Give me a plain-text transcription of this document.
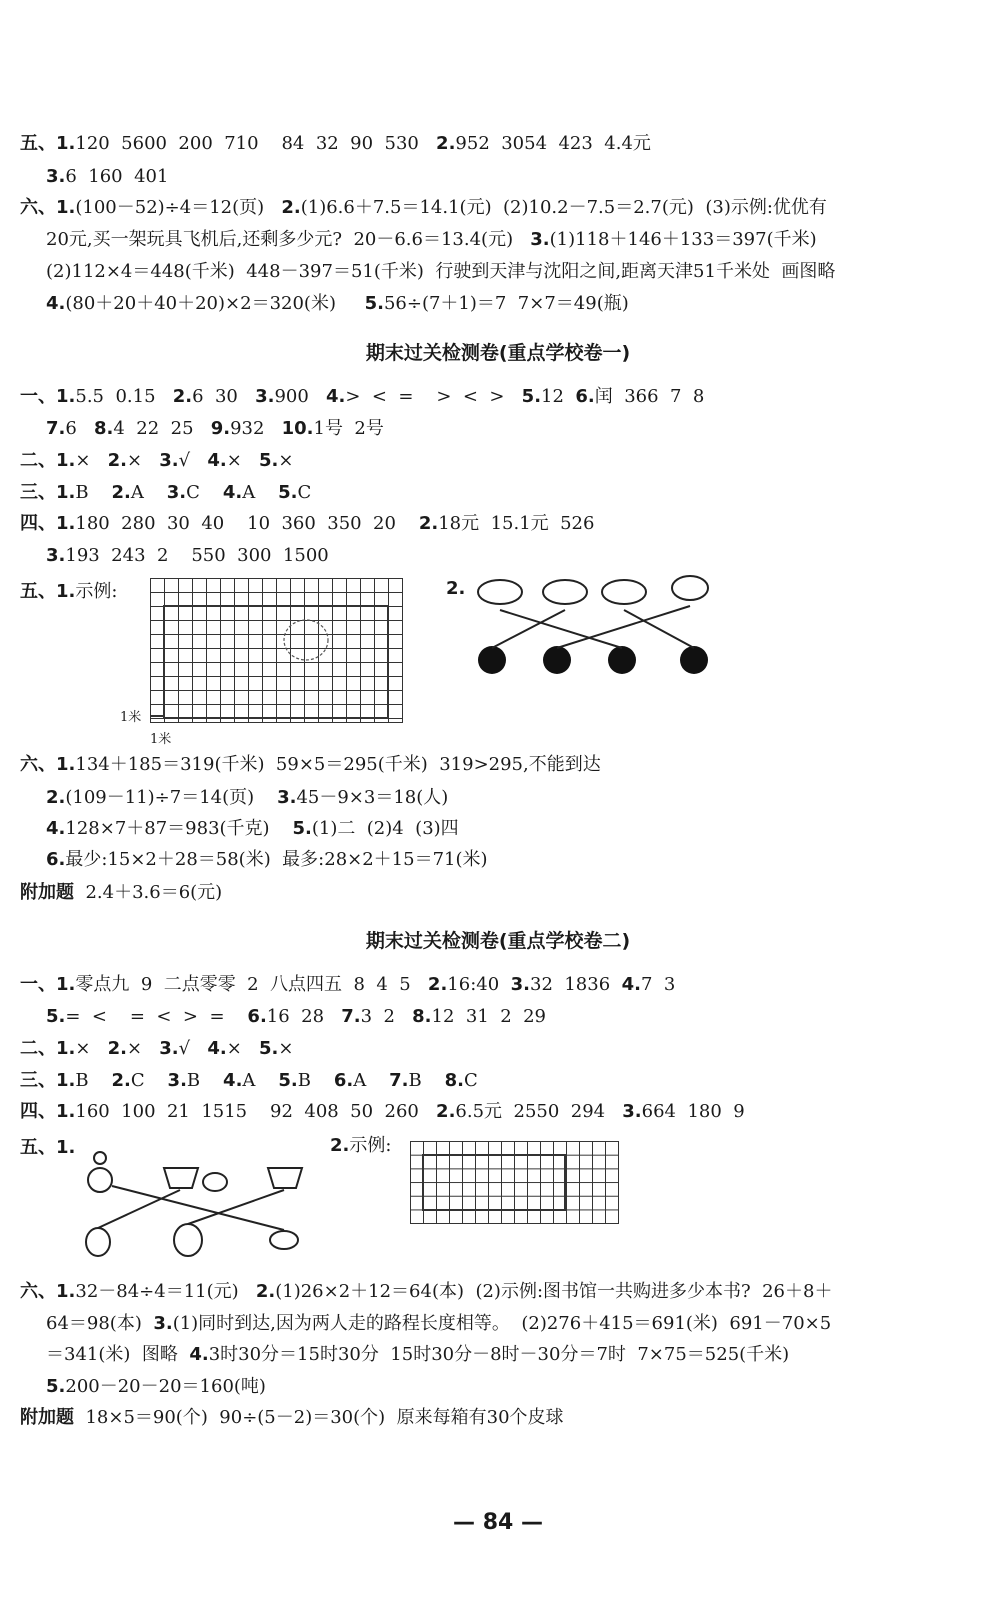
五、1.120  5600  200  710    84  32  90  530 2.952  3054  423  4.4元
3.6  160  401
六、1.(100－52)÷4＝12(页) 2.(1)6.6＋7.5＝14.1(元)  (2)10.2－7.5＝2.7(元)  (3)示例:优优有
20元,买一架玩具飞机后,还剩多少元?  20－6.6＝13.4(元) 3.(1)118＋146＋133＝397(千米)
(2)112×4＝448(千米)  448－397＝51(千米)  行驶到天津与沈阳之间,距离天津51千米处  画图略
4.(80＋20＋40＋20)×2＝320(米) 5.56÷(7＋1)＝7  7×7＝49(瓶)
期末过关检测卷(重点学校卷一)
一、1.5.5  0.15 2.6  30 3.900 4.>  <  =    >  <  > 5.12 6.闰  366  7  8
7.6 8.4  22  25 9.932 10.1号  2号
二、1.× 2.× 3.√ 4.× 5.×
三、1.B 2.A 3.C 4.A 5.C
四、1.180  280  30  40    10  360  350  20 2.18元  15.1元  526
3.193  243  2    550  300  1500
五、1.示例:
1米
1米
2.
六、1.134＋185＝319(千米)  59×5＝295(千米)  319>295,不能到达
2.(109－11)÷7＝14(页) 3.45－9×3＝18(人)
4.128×7＋87＝983(千克) 5.(1)二  (2)4  (3)四
6.最少:15×2＋28＝58(米)  最多:28×2＋15＝71(米)
附加题 2.4＋3.6＝6(元)
期末过关检测卷(重点学校卷二)
一、1.零点九  9  二点零零  2  八点四五  8  4  5 2.16:40 3.32  1836 4.7  3
5.=  <    =  <  >  = 6.16  28 7.3  2 8.12  31  2  29
二、1.× 2.× 3.√ 4.× 5.×
三、1.B 2.C 3.B 4.A 5.B 6.A 7.B 8.C
四、1.160  100  21  1515    92  408  50  260 2.6.5元  2550  294 3.664  180  9
五、1.	2.示例:
六、1.32－84÷4＝11(元) 2.(1)26×2＋12＝64(本)  (2)示例:图书馆一共购进多少本书?  26＋8＋
64＝98(本) 3.(1)同时到达,因为两人走的路程长度相等。  (2)276＋415＝691(米)  691－70×5
＝341(米)  图略 4.3时30分＝15时30分  15时30分－8时－30分＝7时  7×75＝525(千米)
5.200－20－20＝160(吨)
附加题 18×5＝90(个)  90÷(5－2)＝30(个)  原来每箱有30个皮球
— 84 —
